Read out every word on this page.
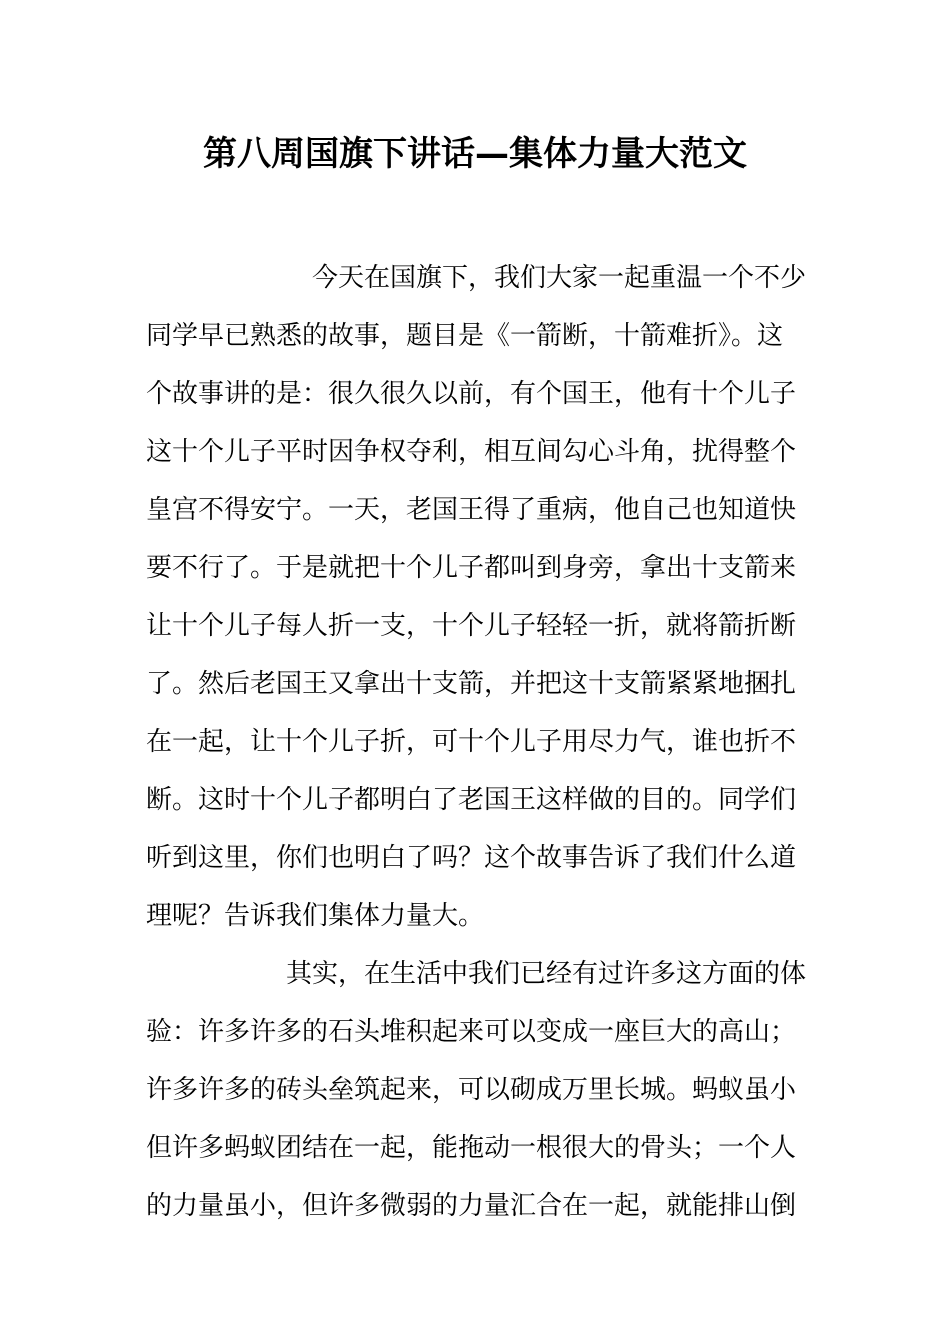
第八周国旗下讲话—集体力量大范文
今天在国旗下，我们大家一起重温一个不少
同学早已熟悉的故事，题目是《一箭断，十箭难折》。这
个故事讲的是：很久很久以前，有个国王，他有十个儿子
这十个儿子平时因争权夺利，相互间勾心斗角，扰得整个
皇宫不得安宁。一天，老国王得了重病，他自己也知道快
要不行了。于是就把十个儿子都叫到身旁，拿出十支箭来
让十个儿子每人折一支，十个儿子轻轻一折，就将箭折断
了。然后老国王又拿出十支箭，并把这十支箭紧紧地捆扎
在一起，让十个儿子折，可十个儿子用尽力气，谁也折不
断。这时十个儿子都明白了老国王这样做的目的。同学们
听到这里，你们也明白了吗？这个故事告诉了我们什么道
理呢？告诉我们集体力量大。
其实，在生活中我们已经有过许多这方面的体
验：许多许多的石头堆积起来可以变成一座巨大的高山；
许多许多的砖头垒筑起来，可以砌成万里长城。蚂蚁虽小
但许多蚂蚁团结在一起，能拖动一根很大的骨头；一个人
的力量虽小，但许多微弱的力量汇合在一起，就能排山倒
